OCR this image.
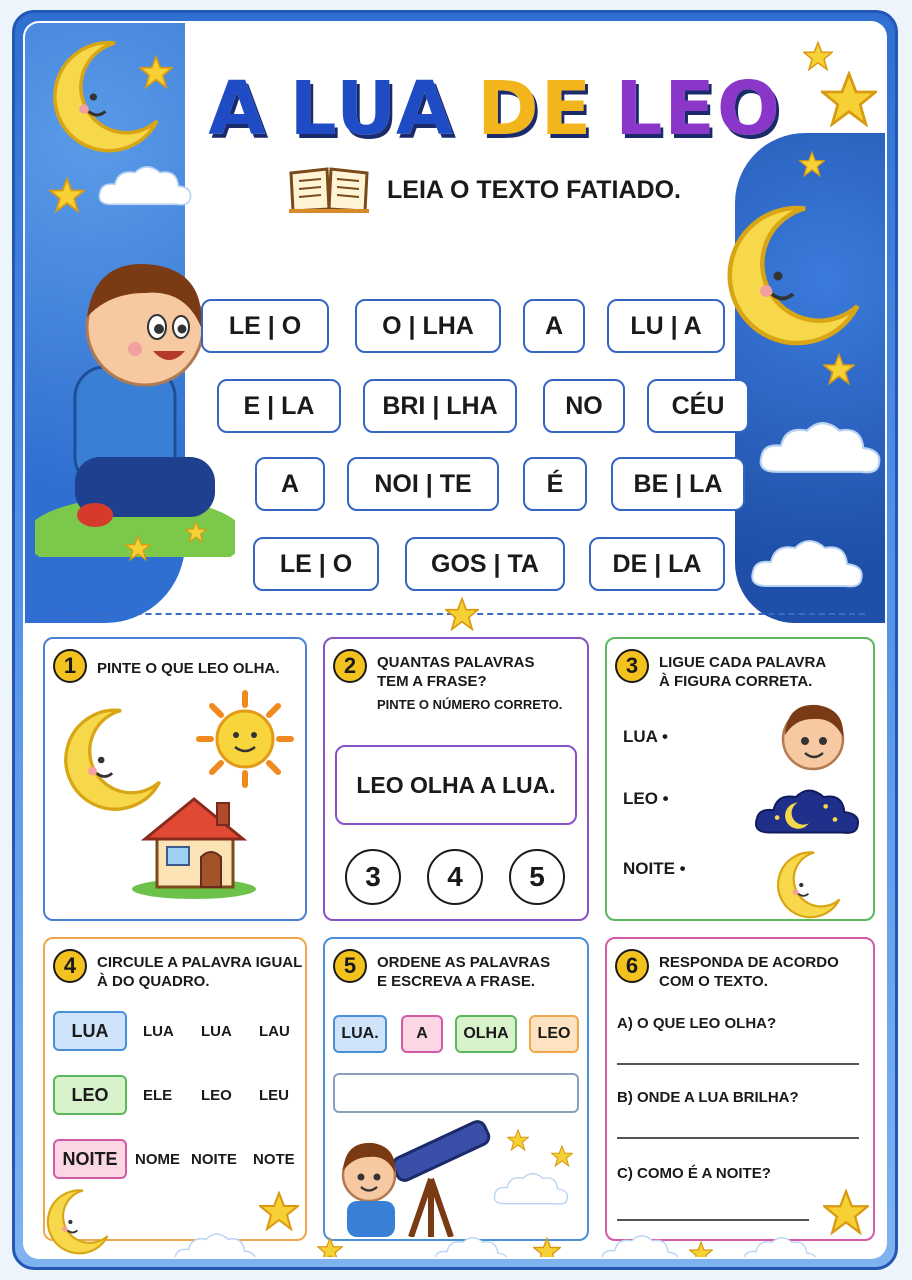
A LUA DE LEO
LEIA O TEXTO FATIADO.
LE | O	O | LHA	A	LU | A
E | LA	BRI | LHA	NO	CÉU
A	NOI | TE	É	BE | LA
LE | O	GOS | TA	DE | LA
1	PINTE O QUE LEO OLHA.	2	QUANTAS PALAVRAS
TEM A FRASE?
PINTE O NÚMERO CORRETO.
LEO OLHA A LUA.
3	4	5
3	LIGUE CADA PALAVRA
À FIGURA CORRETA.
LUA •
LEO •
NOITE •
4	CIRCULE A PALAVRA IGUAL
À DO QUADRO.
LUA	LUA LUA LAU
LEO	ELE LEO LEU
NOITE	NOME NOITE NOTE
5	ORDENE AS PALAVRAS
E ESCREVA A FRASE.
LUA.	A	OLHA	LEO
6	RESPONDA DE ACORDO
COM O TEXTO.
A) O QUE LEO OLHA?
B) ONDE A LUA BRILHA?
C) COMO É A NOITE?
